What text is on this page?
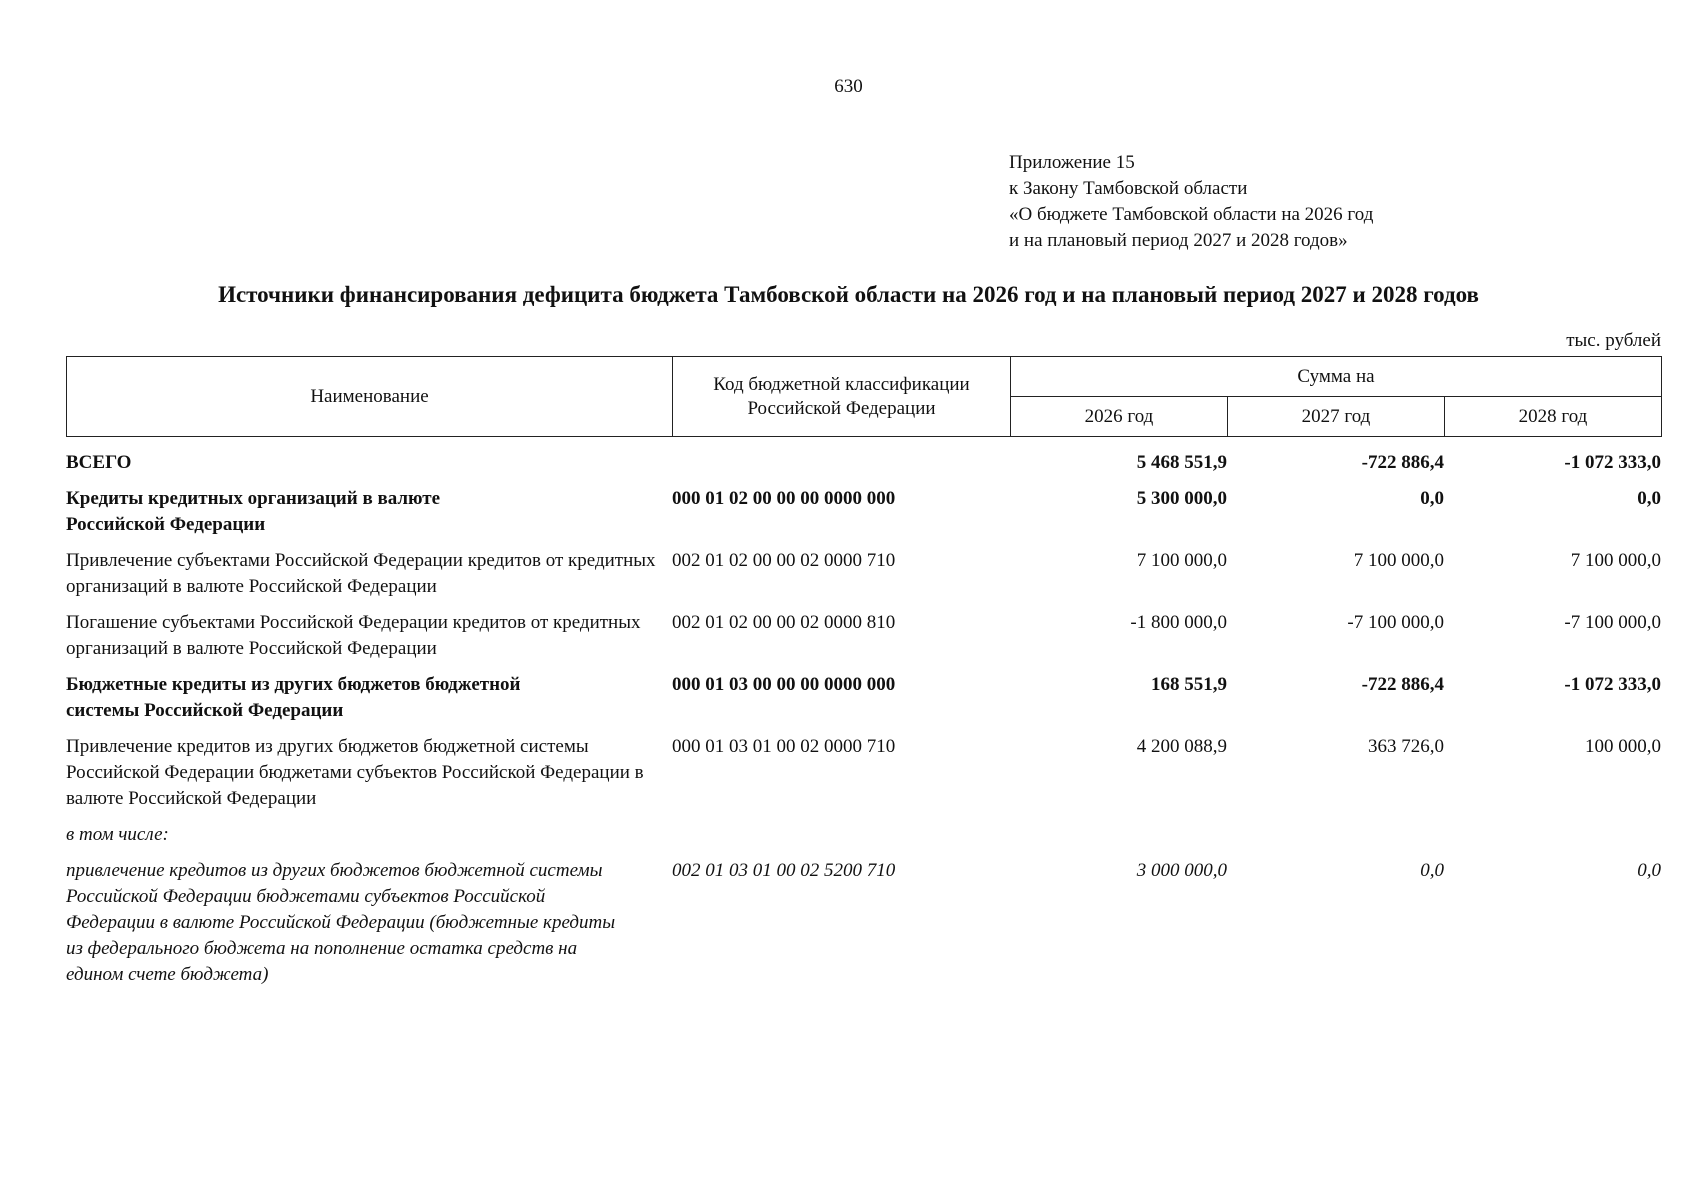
630
Приложение 15
к Закону Тамбовской области
«О бюджете Тамбовской области на 2026 год
и на плановый период 2027 и 2028 годов»
Источники финансирования дефицита бюджета Тамбовской области на 2026 год и на плановый период 2027 и 2028 годов
тыс. рублей
Наименование	Код бюджетной классификации Российской Федерации	Сумма на		
		2026 год	2027 год	2028 год
ВСЕГО		5 468 551,9	-722 886,4	-1 072 333,0
Кредиты кредитных организаций в валюте Российской Федерации	000 01 02 00 00 00 0000 000	5 300 000,0	0,0	0,0
Привлечение субъектами Российской Федерации кредитов от кредитных организаций в валюте Российской Федерации	002 01 02 00 00 02 0000 710	7 100 000,0	7 100 000,0	7 100 000,0
Погашение субъектами Российской Федерации кредитов от кредитных организаций в валюте Российской Федерации	002 01 02 00 00 02 0000 810	-1 800 000,0	-7 100 000,0	-7 100 000,0
Бюджетные кредиты из других бюджетов бюджетной системы Российской Федерации	000 01 03 00 00 00 0000 000	168 551,9	-722 886,4	-1 072 333,0
Привлечение кредитов из других бюджетов бюджетной системы Российской Федерации бюджетами субъектов Российской Федерации в валюте Российской Федерации	000 01 03 01 00 02 0000 710	4 200 088,9	363 726,0	100 000,0
в том числе:				
привлечение кредитов из других бюджетов бюджетной системы Российской Федерации бюджетами субъектов Российской Федерации в валюте Российской Федерации (бюджетные кредиты из федерального бюджета на пополнение остатка средств на едином счете бюджета)	002 01 03 01 00 02 5200 710	3 000 000,0	0,0	0,0
